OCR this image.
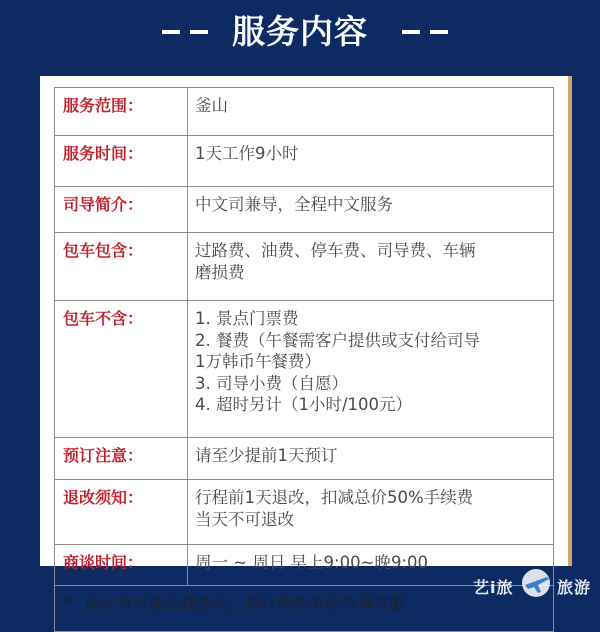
服务内容
服务范围：	釜山

服务时间：	1天工作9小时

司导简介：	中文司兼导，全程中文服务

包车包含：	过路费、油费、停车费、司导费、车辆
磨损费

包车不含：	1. 景点门票费
2. 餐费（午餐需客户提供或支付给司导
1万韩币午餐费）
3. 司导小费（自愿）
4. 超时另计（1小时/100元）

预订注意：	请至少提前1天预订

退改须知：	行程前1天退改，扣减总价50%手续费
当天不可退改

商谈时间：	周一 ~ 周日 早上9:00~晚9:00

* 由于有可能出现变动，预订前请务必咨询客服	
艺i旅	旅游
